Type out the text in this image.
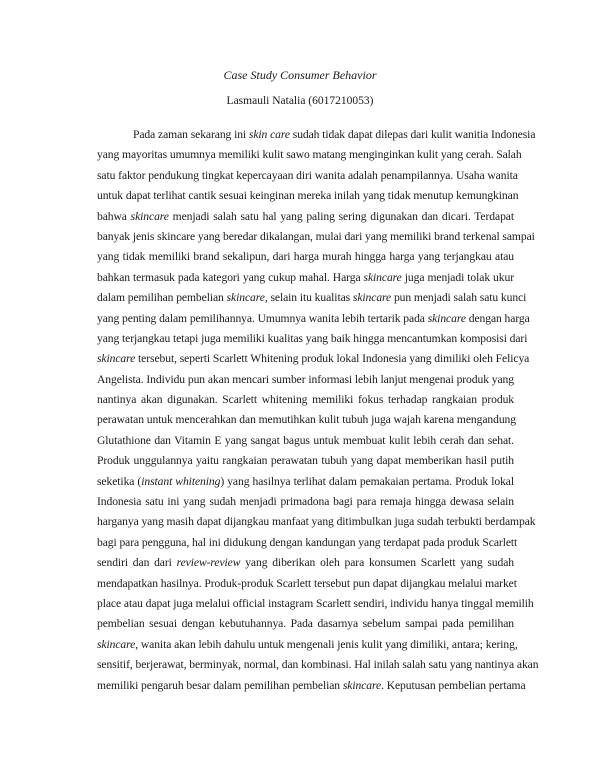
Case Study Consumer Behavior
Lasmauli Natalia (6017210053)
Pada zaman sekarang ini skin care sudah tidak dapat dilepas dari kulit wanitia Indonesia
yang mayoritas umumnya memiliki kulit sawo matang menginginkan kulit yang cerah. Salah
satu faktor pendukung tingkat kepercayaan diri wanita adalah penampilannya. Usaha wanita
untuk dapat terlihat cantik sesuai keinginan mereka inilah yang tidak menutup kemungkinan
bahwa skincare menjadi salah satu hal yang paling sering digunakan dan dicari. Terdapat
banyak jenis skincare yang beredar dikalangan, mulai dari yang memiliki brand terkenal sampai
yang tidak memiliki brand sekalipun, dari harga murah hingga harga yang terjangkau atau
bahkan termasuk pada kategori yang cukup mahal. Harga skincare juga menjadi tolak ukur
dalam pemilihan pembelian skincare, selain itu kualitas skincare pun menjadi salah satu kunci
yang penting dalam pemilihannya. Umumnya wanita lebih tertarik pada skincare dengan harga
yang terjangkau tetapi juga memiliki kualitas yang baik hingga mencantumkan komposisi dari
skincare tersebut, seperti Scarlett Whitening produk lokal Indonesia yang dimiliki oleh Felicya
Angelista. Individu pun akan mencari sumber informasi lebih lanjut mengenai produk yang
nantinya akan digunakan. Scarlett whitening memiliki fokus terhadap rangkaian produk
perawatan untuk mencerahkan dan memutihkan kulit tubuh juga wajah karena mengandung
Glutathione dan Vitamin E yang sangat bagus untuk membuat kulit lebih cerah dan sehat.
Produk unggulannya yaitu rangkaian perawatan tubuh yang dapat memberikan hasil putih
seketika (instant whitening) yang hasilnya terlihat dalam pemakaian pertama. Produk lokal
Indonesia satu ini yang sudah menjadi primadona bagi para remaja hingga dewasa selain
harganya yang masih dapat dijangkau manfaat yang ditimbulkan juga sudah terbukti berdampak
bagi para pengguna, hal ini didukung dengan kandungan yang terdapat pada produk Scarlett
sendiri dan dari review-review yang diberikan oleh para konsumen Scarlett yang sudah
mendapatkan hasilnya. Produk-produk Scarlett tersebut pun dapat dijangkau melalui market
place atau dapat juga melalui official instagram Scarlett sendiri, individu hanya tinggal memilih
pembelian sesuai dengan kebutuhannya. Pada dasarnya sebelum sampai pada pemilihan
skincare, wanita akan lebih dahulu untuk mengenali jenis kulit yang dimiliki, antara; kering,
sensitif, berjerawat, berminyak, normal, dan kombinasi. Hal inilah salah satu yang nantinya akan
memiliki pengaruh besar dalam pemilihan pembelian skincare. Keputusan pembelian pertama
